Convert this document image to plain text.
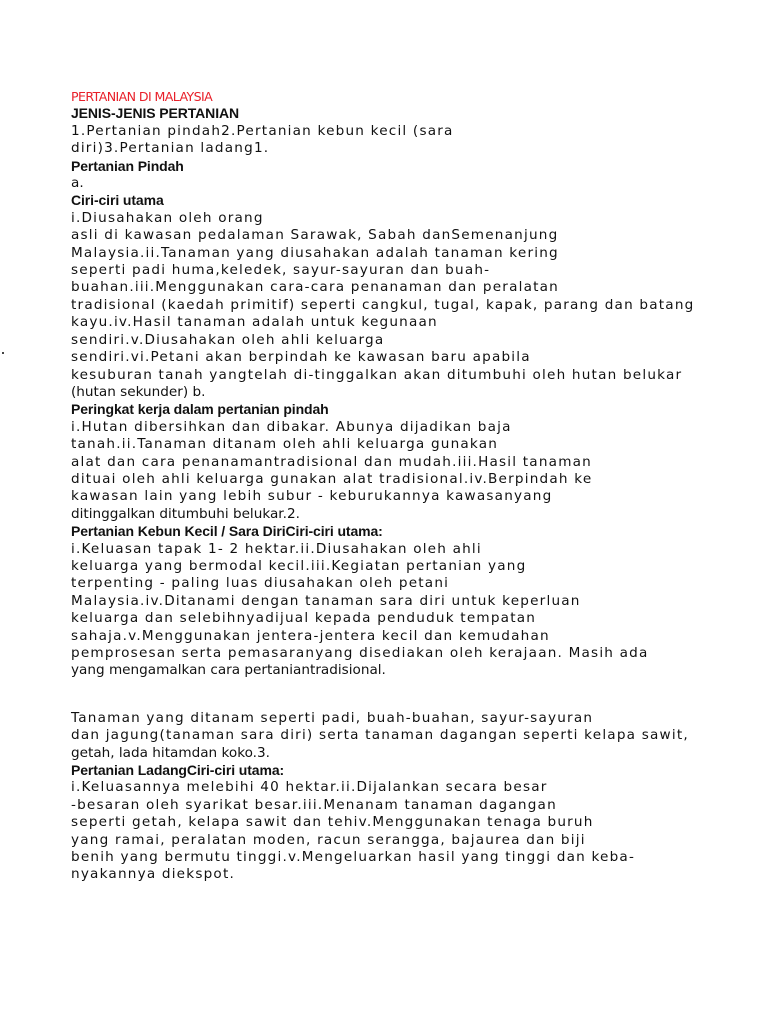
PERTANIAN DI MALAYSIA

JENIS-JENIS PERTANIAN

1.Pertanian pindah2.Pertanian kebun kecil (sara

diri)3.Pertanian ladang1.

Pertanian Pindah

a.

Ciri-ciri utama

i.Diusahakan oleh orang

asli di kawasan pedalaman Sarawak, Sabah danSemenanjung

Malaysia.ii.Tanaman yang diusahakan adalah tanaman kering

seperti padi huma,keledek, sayur-sayuran dan buah-

buahan.iii.Menggunakan cara-cara penanaman dan peralatan

tradisional (kaedah primitif) seperti cangkul, tugal, kapak, parang dan batang

kayu.iv.Hasil tanaman adalah untuk kegunaan

sendiri.v.Diusahakan oleh ahli keluarga

sendiri.vi.Petani akan berpindah ke kawasan baru apabila

kesuburan tanah yangtelah di-tinggalkan akan ditumbuhi oleh hutan belukar

(hutan sekunder) b.

Peringkat kerja dalam pertanian pindah

i.Hutan dibersihkan dan dibakar. Abunya dijadikan baja

tanah.ii.Tanaman ditanam oleh ahli keluarga gunakan

alat dan cara penanamantradisional dan mudah.iii.Hasil tanaman

dituai oleh ahli keluarga gunakan alat tradisional.iv.Berpindah ke

kawasan lain yang lebih subur - keburukannya kawasanyang

ditinggalkan ditumbuhi belukar.2.

Pertanian Kebun Kecil / Sara DiriCiri-ciri utama:

i.Keluasan tapak 1- 2 hektar.ii.Diusahakan oleh ahli

keluarga yang bermodal kecil.iii.Kegiatan pertanian yang

terpenting - paling luas diusahakan oleh petani

Malaysia.iv.Ditanami dengan tanaman sara diri untuk keperluan

keluarga dan selebihnyadijual kepada penduduk tempatan

sahaja.v.Menggunakan jentera-jentera kecil dan kemudahan

pemprosesan serta pemasaranyang disediakan oleh kerajaan. Masih ada

yang mengamalkan cara pertaniantradisional.

Tanaman yang ditanam seperti padi, buah-buahan, sayur-sayuran

dan jagung(tanaman sara diri) serta tanaman dagangan seperti kelapa sawit,

getah, lada hitamdan koko.3.

Pertanian LadangCiri-ciri utama:

i.Keluasannya melebihi 40 hektar.ii.Dijalankan secara besar

-besaran oleh syarikat besar.iii.Menanam tanaman dagangan

seperti getah, kelapa sawit dan tehiv.Menggunakan tenaga buruh

yang ramai, peralatan moden, racun serangga, bajaurea dan biji

benih yang bermutu tinggi.v.Mengeluarkan hasil yang tinggi dan keba-

nyakannya diekspot.
